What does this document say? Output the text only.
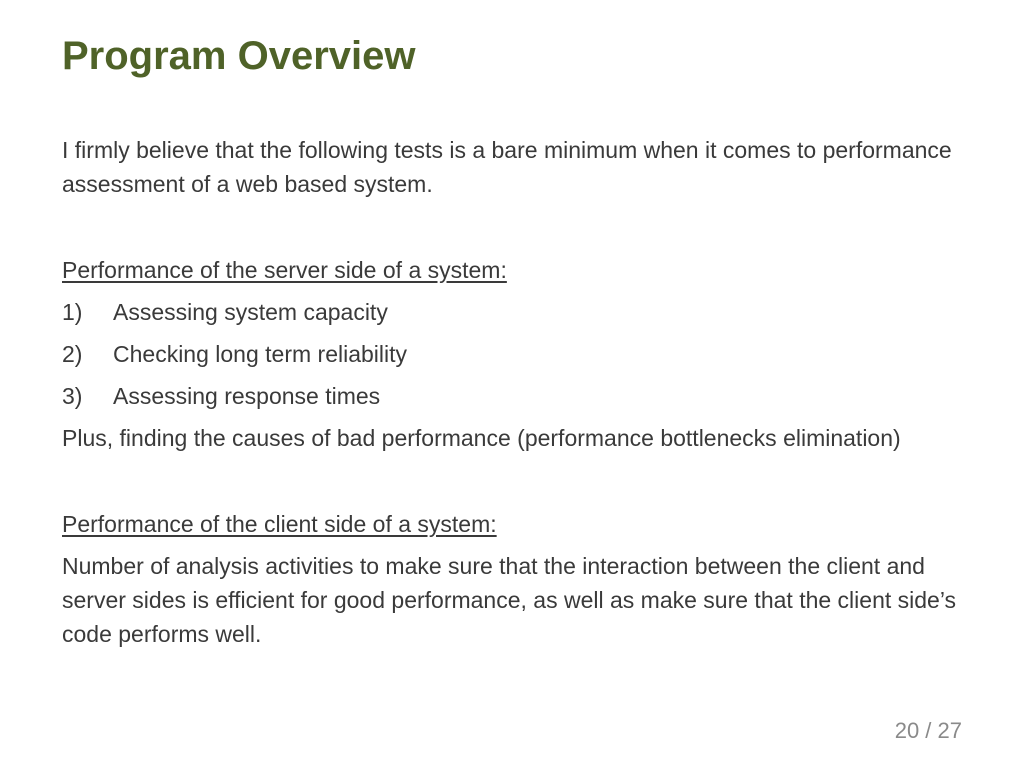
Program Overview

I firmly believe that the following tests is a bare minimum when it comes to performance assessment of a web based system.

Performance of the server side of a system:

1)	Assessing system capacity
2)	Checking long term reliability
3)	Assessing response times

Plus, finding the causes of bad performance (performance bottlenecks elimination)

Performance of the client side of a system:

Number of analysis activities to make sure that the interaction between the client and server sides is efficient for good performance, as well as make sure that the client side’s code performs well.

20 / 27
